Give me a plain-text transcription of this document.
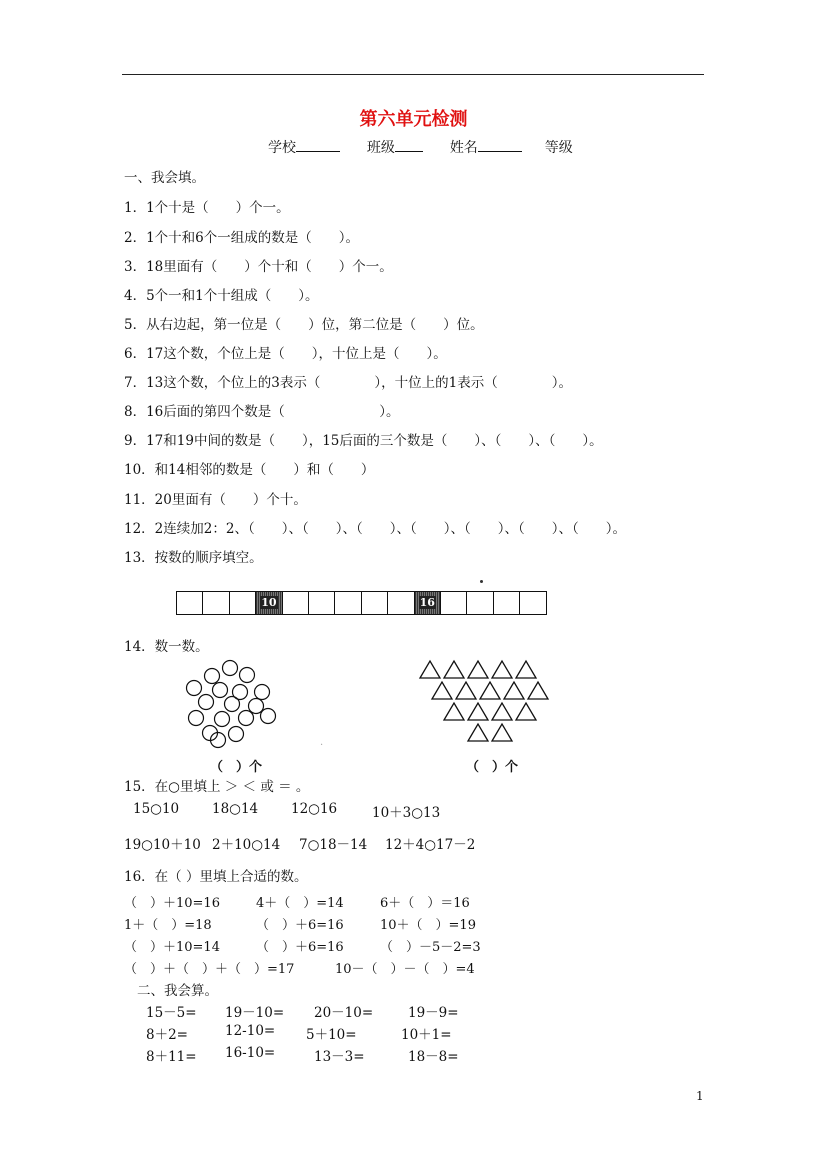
第六单元检测
学校	班级	姓名	等级
一、我会填。
1．1个十是（　　）个一。
2．1个十和6个一组成的数是（　　）。
3．18里面有（　　）个十和（　　）个一。
4．5个一和1个十组成（　　）。
5．从右边起，第一位是（　　）位，第二位是（　　）位。
6．17这个数，个位上是（　　），十位上是（　　）。
7．13这个数，个位上的3表示（　　　　），十位上的1表示（　　　　）。
8．16后面的第四个数是（　　　　　　　）。
9．17和19中间的数是（　　），15后面的三个数是（　　）、（　　）、（　　）。
10．和14相邻的数是（　　）和（　　）
11．20里面有（　　）个十。
12．2连续加2：2、（　　）、（　　）、（　　）、（　　）、（　　）、（　　）、（　　）。
13．按数的顺序填空。
10	16
14．数一数。
（　）个	（　）个
·
15．在○里填上 ＞ ＜ 或 ＝ 。
15○10 18○14 12○16	10＋3○13
19○10＋10 2＋10○14 7○18－14 12＋4○17－2
16．在（ ）里填上合适的数。
（　）＋10=16	4＋（　）=14	6＋（　）＝16
1＋（　）=18	（　）＋6=16	10＋（　）=19
（　）＋10=14	（　）＋6=16	（　）－5－2=3
（　）＋（　）＋（　）=17	10－（　）－（　）=4
二、我会算。
15－5= 19－10= 20－10=	19－9=
8＋2=	12-10= 5＋10=	10＋1=
8＋11= 16-10=	13－3=	18－8=
1
